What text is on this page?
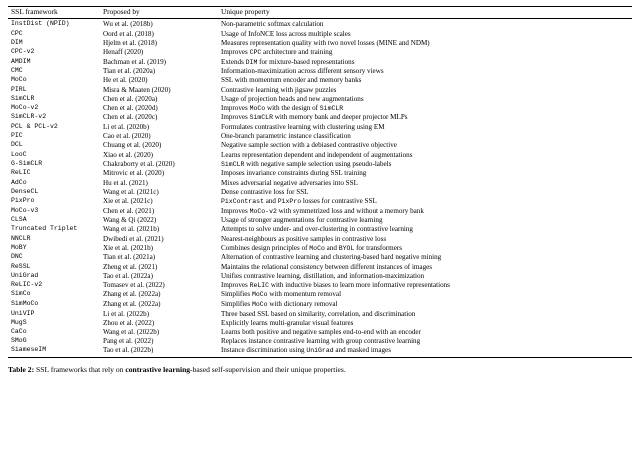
SSL framework	Proposed by	Unique property
InstDist (NPID)	Wu et al. (2018b)	Non-parametric softmax calculation
CPC	Oord et al. (2018)	Usage of InfoNCE loss across multiple scales
DIM	Hjelm et al. (2018)	Measures representation quality with two novel losses (MINE and NDM)
CPC-v2	Henaff (2020)	Improves CPC architecture and training
AMDIM	Bachman et al. (2019)	Extends DIM for mixture-based representations
CMC	Tian et al. (2020a)	Information-maximization across different sensory views
MoCo	He et al. (2020)	SSL with momentum encoder and memory banks
PIRL	Misra & Maaten (2020)	Contrastive learning with jigsaw puzzles
SimCLR	Chen et al. (2020a)	Usage of projection heads and new augmentations
MoCo-v2	Chen et al. (2020d)	Improves MoCo with the design of SimCLR
SimCLR-v2	Chen et al. (2020c)	Improves SimCLR with memory bank and deeper projector MLPs
PCL & PCL-v2	Li et al. (2020b)	Formulates contrastive learning with clustering using EM
PIC	Cao et al. (2020)	One-branch parametric instance classification
DCL	Chuang et al. (2020)	Negative sample section with a debiased contrastive objective
LooC	Xiao et al. (2020)	Learns representation dependent and independent of augmentations
G-SimCLR	Chakraborty et al. (2020)	SimCLR with negative sample selection using pseudo-labels
ReLIC	Mitrovic et al. (2020)	Imposes invariance constraints during SSL training
AdCo	Hu et al. (2021)	Mixes adversarial negative adversaries into SSL
DenseCL	Wang et al. (2021c)	Dense contrastive loss for SSL
PixPro	Xie et al. (2021c)	PixContrast and PixPro losses for contrastive SSL
MoCo-v3	Chen et al. (2021)	Improves MoCo-v2 with symmetrized loss and without a memory bank
CLSA	Wang & Qi (2022)	Usage of stronger augmentations for contrastive learning
Truncated Triplet	Wang et al. (2021b)	Attempts to solve under- and over-clustering in contrastive learning
NNCLR	Dwibedi et al. (2021)	Nearest-neighbours as positive samples in contrastive loss
MoBY	Xie et al. (2021b)	Combines design principles of MoCo and BYOL for transformers
DNC	Tian et al. (2021a)	Alternation of contrastive learning and clustering-based hard negative mining
ReSSL	Zheng et al. (2021)	Maintains the relational consistency between different instances of images
UniGrad	Tao et al. (2022a)	Unifies contrastive learning, distillation, and information-maximization
ReLIC-v2	Tomasev et al. (2022)	Improves ReLIC with inductive biases to learn more informative representations
SimCo	Zhang et al. (2022a)	Simplifies MoCo with momentum removal
SimMoCo	Zhang et al. (2022a)	Simplifies MoCo with dictionary removal
UniVIP	Li et al. (2022b)	Three based SSL based on similarity, correlation, and discrimination
MugS	Zhou et al. (2022)	Explicitly learns multi-granular visual features
CaCo	Wang et al. (2022b)	Learns both positive and negative samples end-to-end with an encoder
SMoG	Pang et al. (2022)	Replaces instance contrastive learning with group contrastive learning
SiameseIM	Tao et al. (2022b)	Instance discrimination using UniGrad and masked images
Table 2: SSL frameworks that rely on contrastive learning-based self-supervision and their unique properties.
